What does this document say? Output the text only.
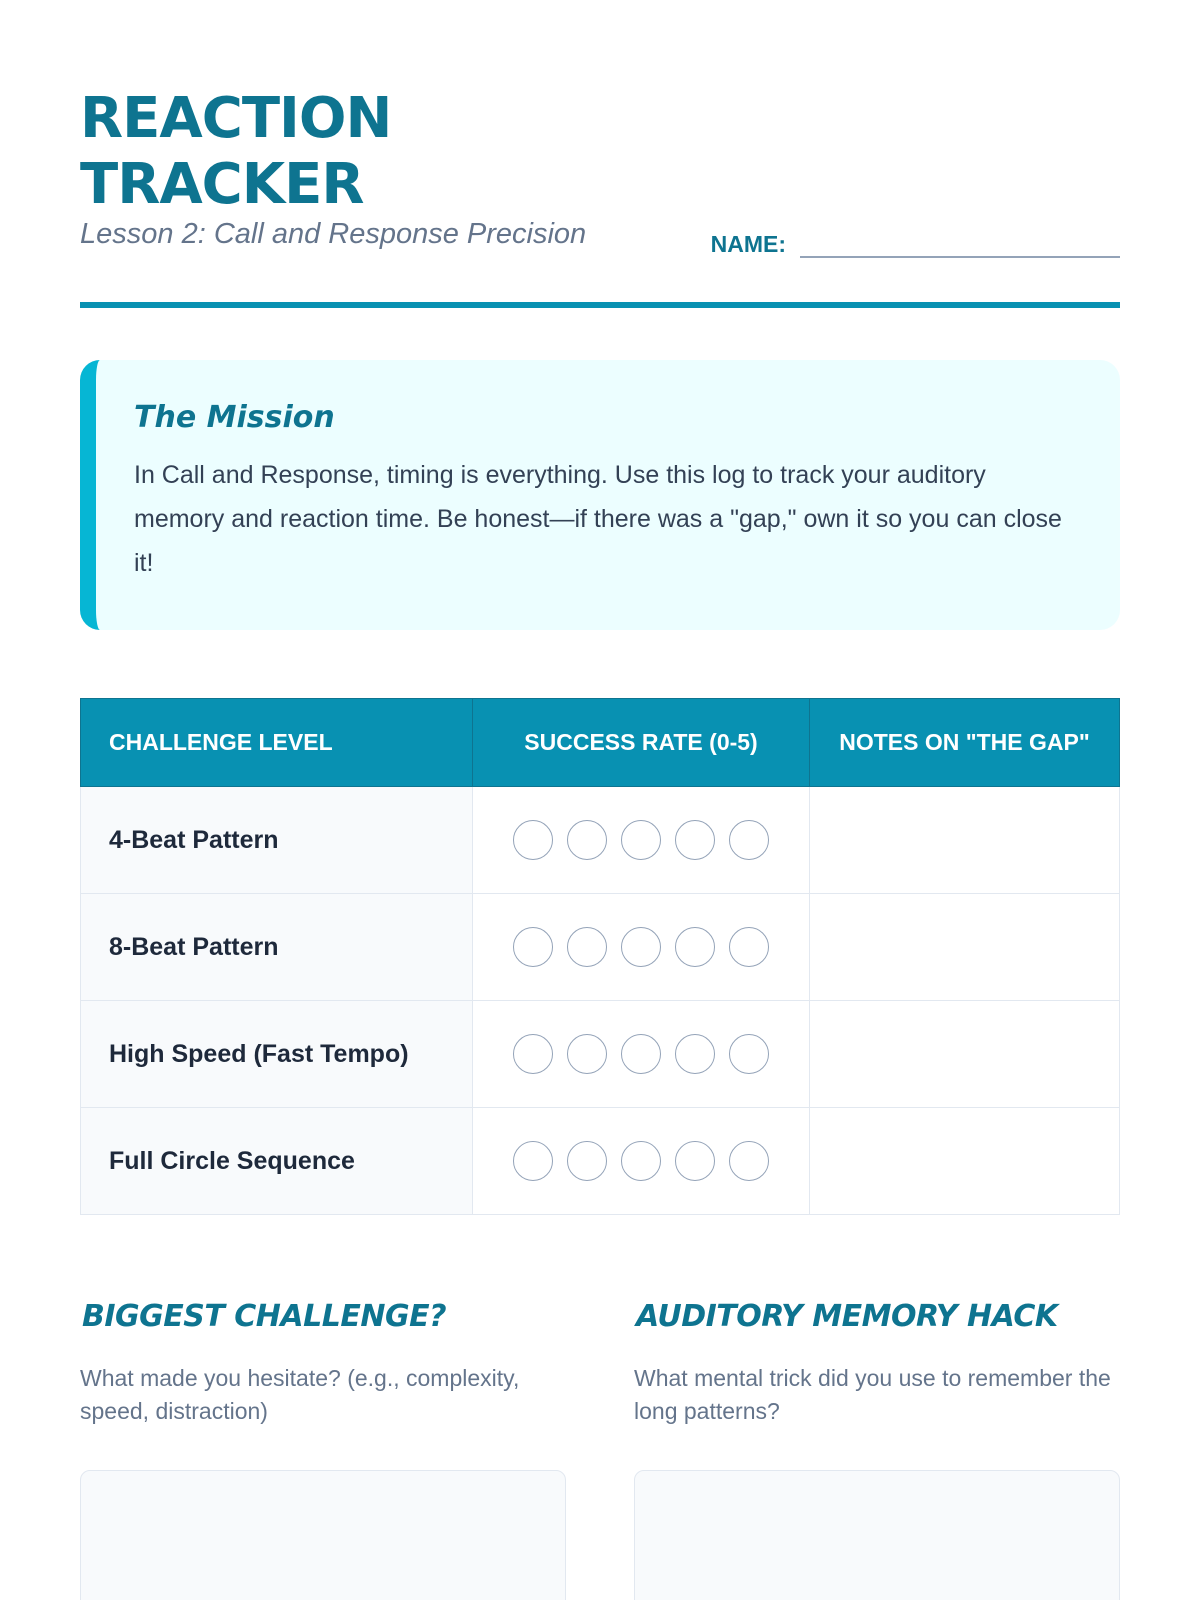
REACTION TRACKER
Lesson 2: Call and Response Precision	NAME:
The Mission

In Call and Response, timing is everything. Use this log to track your auditory memory and reaction time. Be honest—if there was a "gap," own it so you can close it!

CHALLENGE LEVEL	SUCCESS RATE (0-5)	NOTES ON "THE GAP"
4-Beat Pattern	

8-Beat Pattern	

High Speed (Fast Tempo)	

Full Circle Sequence	

BIGGEST CHALLENGE?

What made you hesitate? (e.g., complexity, speed, distraction)

AUDITORY MEMORY HACK

What mental trick did you use to remember the long patterns?
